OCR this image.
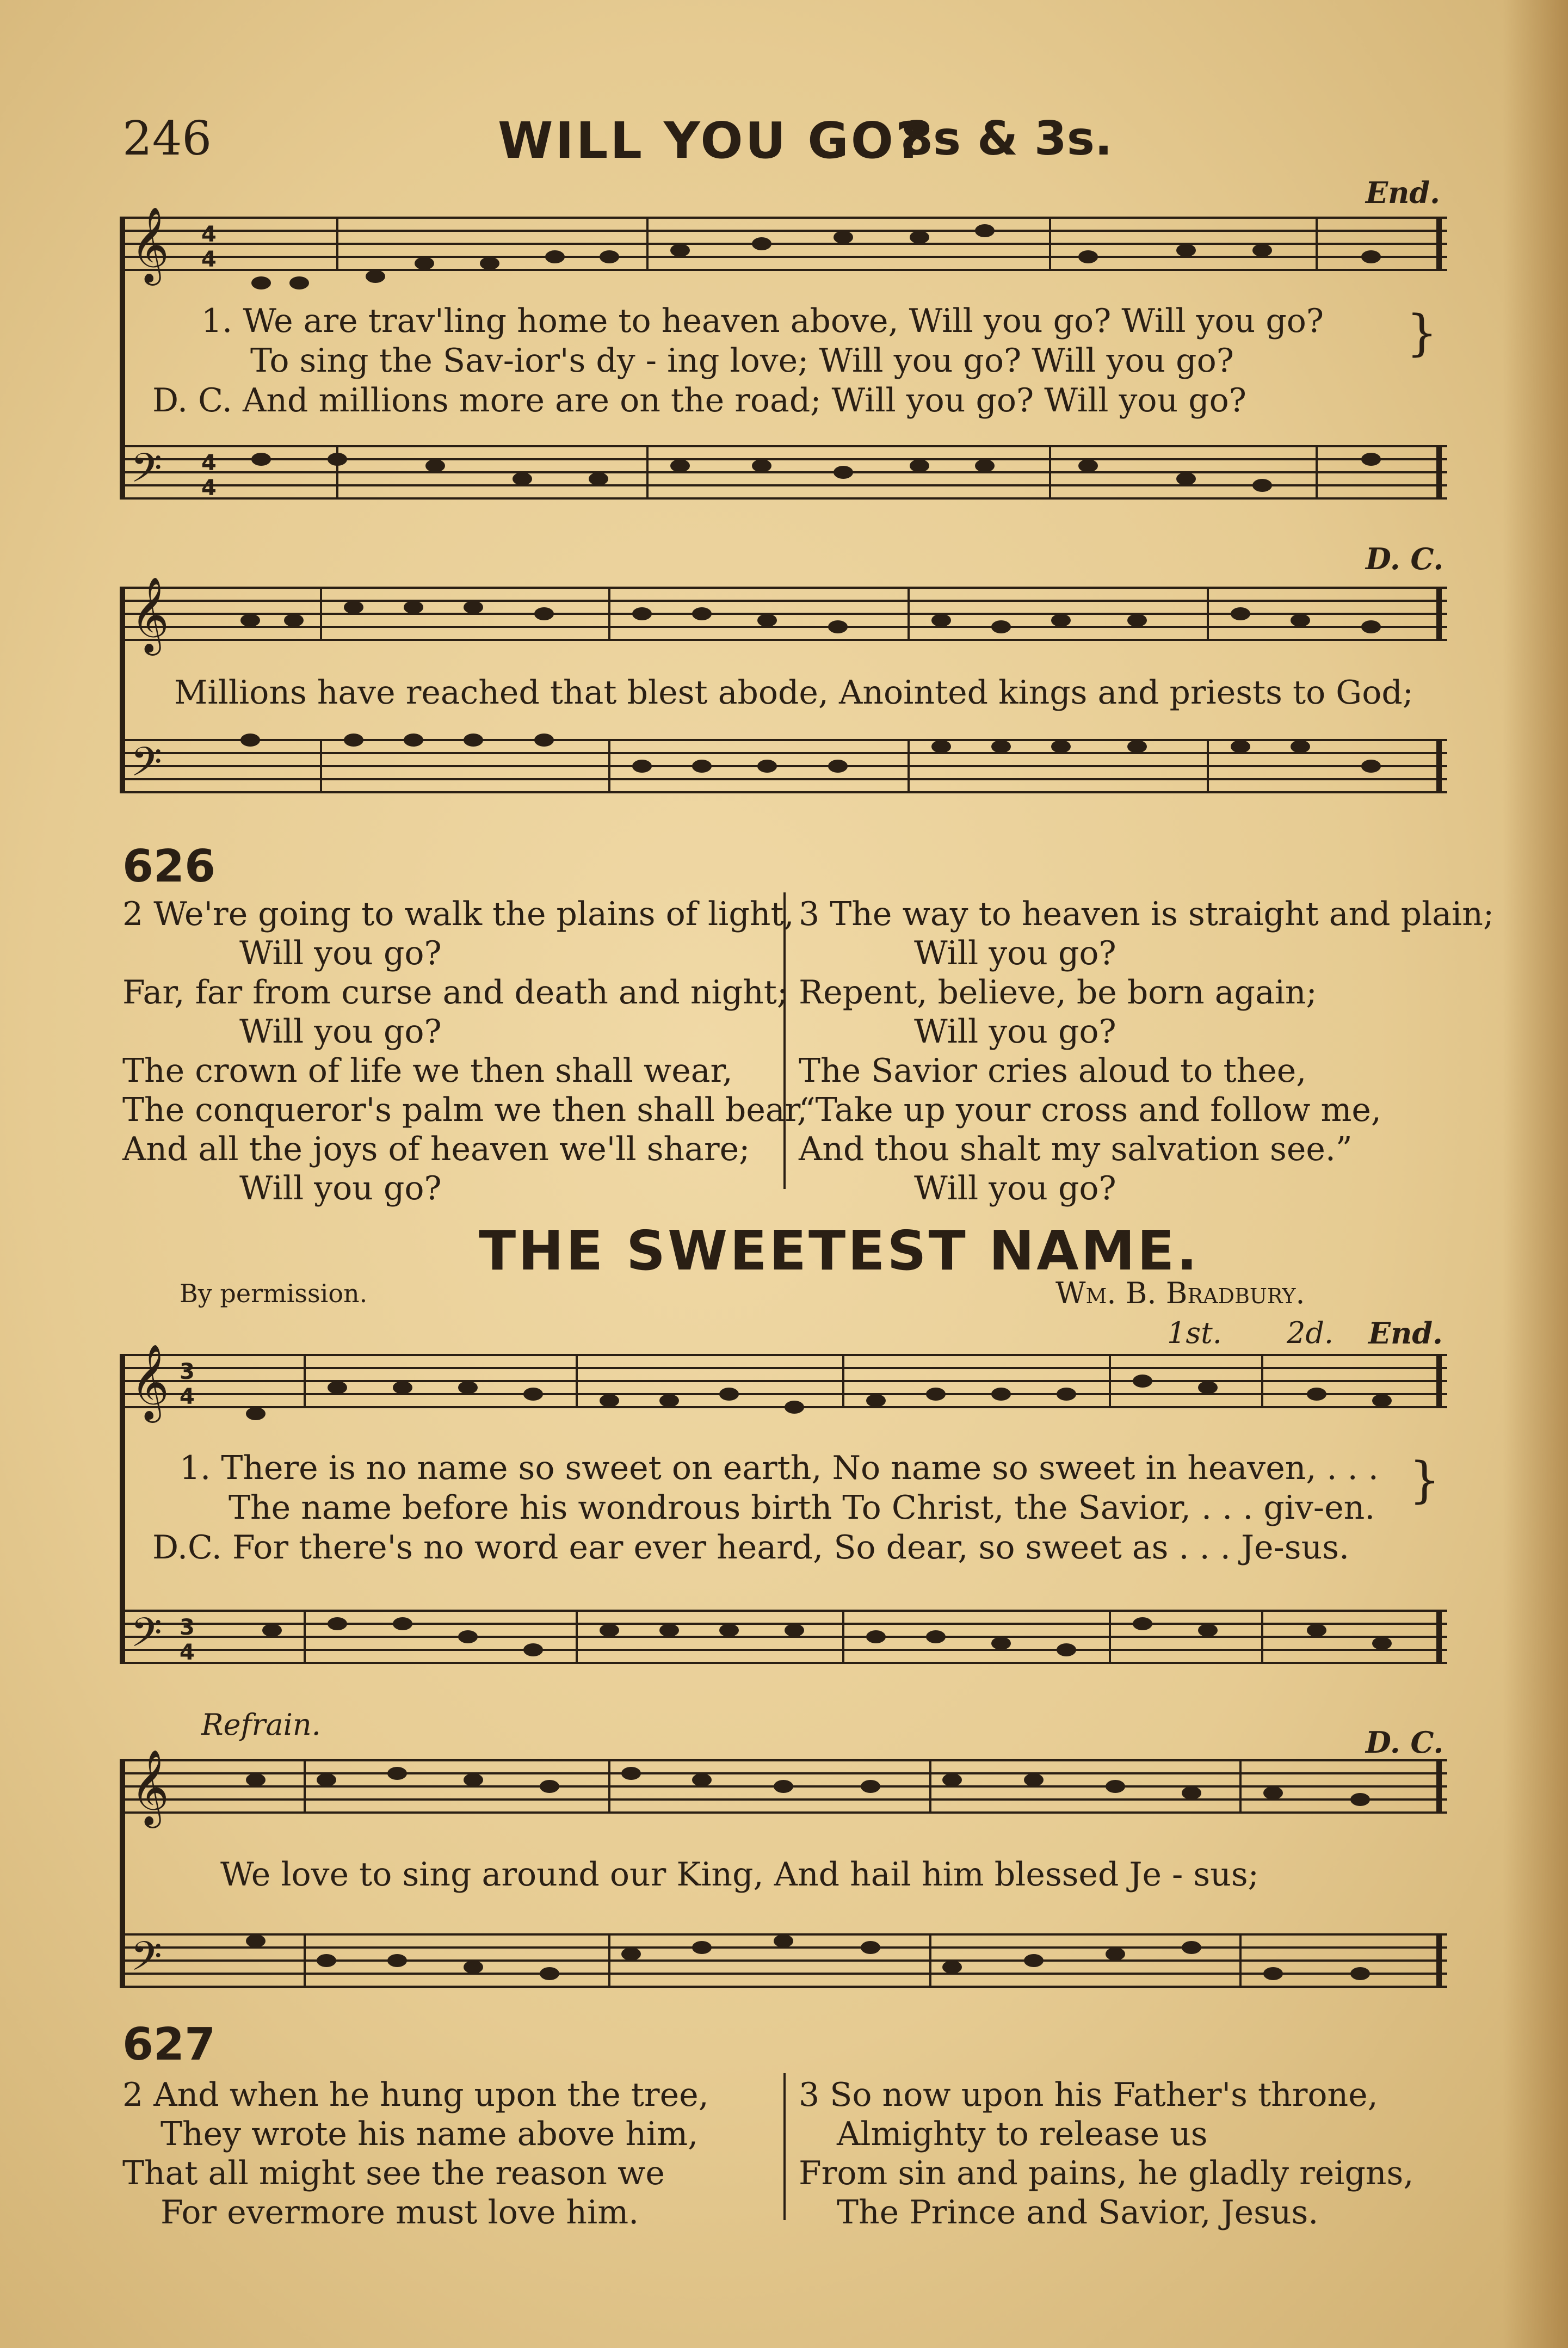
246	WILL YOU GO?
8s & 3s.
End.
𝄞
𝄢
4
4
4
4
1. We are trav'ling home to heaven above, Will you go? Will you go?
To sing the Sav-ior's dy - ing love; Will you go? Will you go?
D. C. And millions more are on the road; Will you go? Will you go?
}
D. C.
𝄞
𝄢
Millions have reached that blest abode, Anointed kings and priests to God;
626
2 We're going to walk the plains of light,
Will you go?
Far, far from curse and death and night;
Will you go?
The crown of life we then shall wear,
The conqueror's palm we then shall bear,
And all the joys of heaven we'll share;
Will you go?
3 The way to heaven is straight and plain;
Will you go?
Repent, believe, be born again;
Will you go?
The Savior cries aloud to thee,
“Take up your cross and follow me,
And thou shalt my salvation see.”
Will you go?
THE SWEETEST NAME.
By permission.	Wm. B. Bradbury.
1st. 2d. End.
𝄞
𝄢
3
4
3
4
1. There is no name so sweet on earth, No name so sweet in heaven, . . .
The name before his wondrous birth To Christ, the Savior, . . . giv-en.
D.C. For there's no word ear ever heard, So dear, so sweet as . . . Je-sus.
}
Refrain.
D. C.
𝄞
𝄢
We love to sing around our King, And hail him blessed Je - sus;
627
2 And when he hung upon the tree,
They wrote his name above him,
That all might see the reason we
For evermore must love him.
3 So now upon his Father's throne,
Almighty to release us
From sin and pains, he gladly reigns,
The Prince and Savior, Jesus.
